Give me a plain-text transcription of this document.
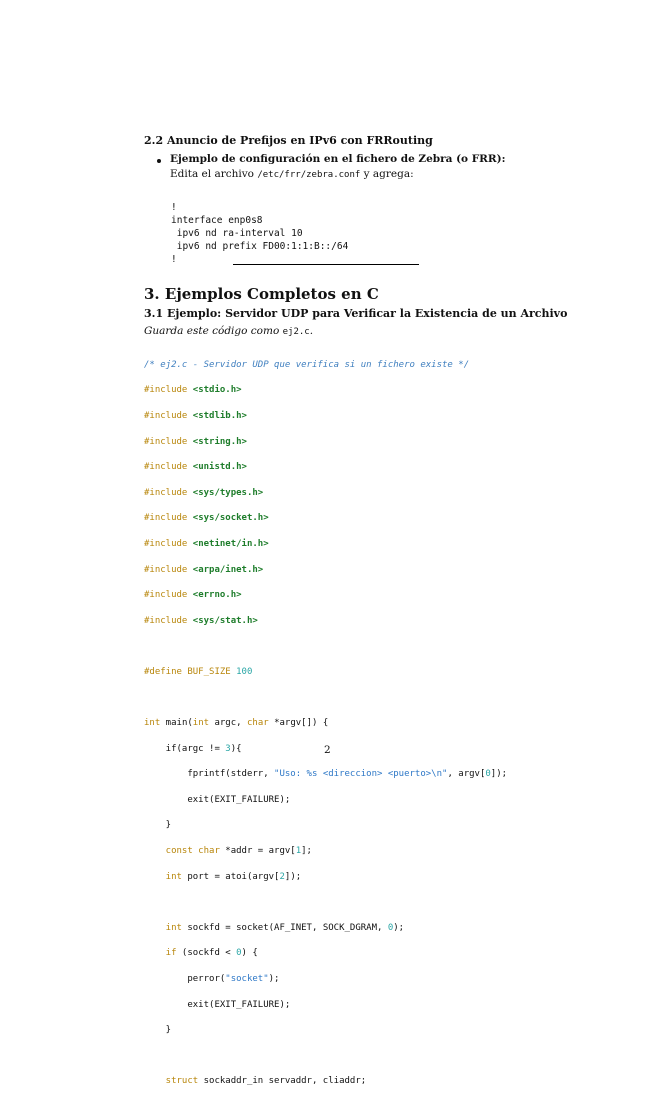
2.2 Anuncio de Prefijos en IPv6 con FRRouting
Ejemplo de configuración en el fichero de Zebra (o FRR):
Edita el archivo /etc/frr/zebra.conf y agrega:

!
interface enp0s8
ipv6 nd ra-interval 10
ipv6 nd prefix FD00:1:1:B::/64
!

3. Ejemplos Completos en C
3.1 Ejemplo: Servidor UDP para Verificar la Existencia de un Archivo
Guarda este código como ej2.c.

/* ej2.c - Servidor UDP que verifica si un fichero existe */

#include <stdio.h>

#include <stdlib.h>

#include <string.h>

#include <unistd.h>

#include <sys/types.h>

#include <sys/socket.h>

#include <netinet/in.h>

#include <arpa/inet.h>

#include <errno.h>

#include <sys/stat.h>

#define BUF_SIZE 100

int main(int argc, char *argv[]) {

if(argc != 3){

fprintf(stderr, "Uso: %s <direccion> <puerto>\n", argv[0]);

exit(EXIT_FAILURE);

}

const char *addr = argv[1];

int port = atoi(argv[2]);

int sockfd = socket(AF_INET, SOCK_DGRAM, 0);

if (sockfd < 0) {

perror("socket");

exit(EXIT_FAILURE);

}

struct sockaddr_in servaddr, cliaddr;

2
